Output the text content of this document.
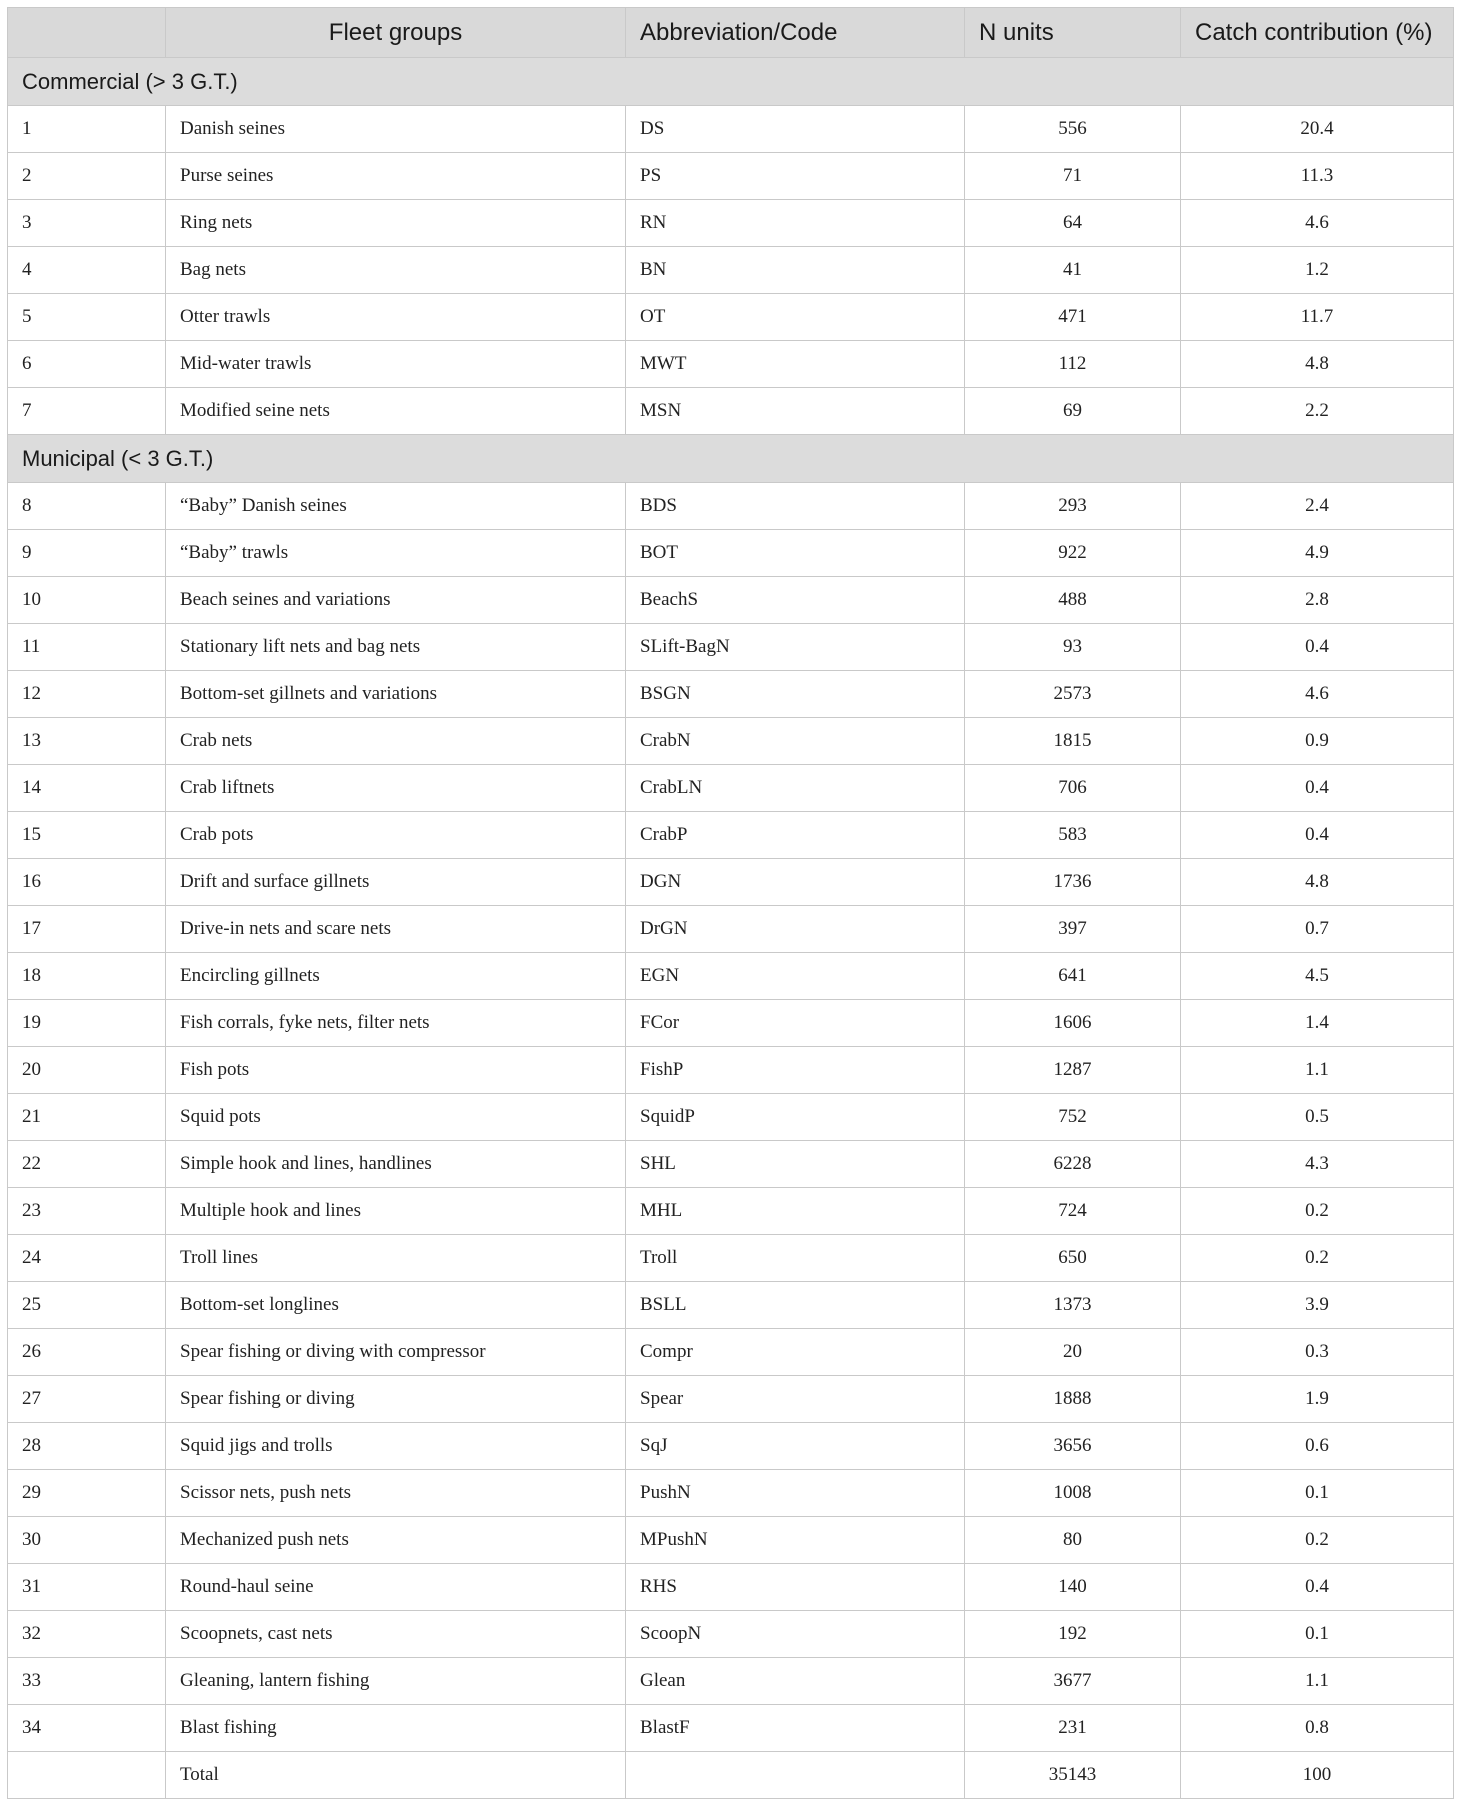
	Fleet groups	Abbreviation/Code	N units	Catch contribution (%)
Commercial (> 3 G.T.)				
1	Danish seines	DS	556	20.4
2	Purse seines	PS	71	11.3
3	Ring nets	RN	64	4.6
4	Bag nets	BN	41	1.2
5	Otter trawls	OT	471	11.7
6	Mid-water trawls	MWT	112	4.8
7	Modified seine nets	MSN	69	2.2
Municipal (< 3 G.T.)				
8	“Baby” Danish seines	BDS	293	2.4
9	“Baby” trawls	BOT	922	4.9
10	Beach seines and variations	BeachS	488	2.8
11	Stationary lift nets and bag nets	SLift-BagN	93	0.4
12	Bottom-set gillnets and variations	BSGN	2573	4.6
13	Crab nets	CrabN	1815	0.9
14	Crab liftnets	CrabLN	706	0.4
15	Crab pots	CrabP	583	0.4
16	Drift and surface gillnets	DGN	1736	4.8
17	Drive-in nets and scare nets	DrGN	397	0.7
18	Encircling gillnets	EGN	641	4.5
19	Fish corrals, fyke nets, filter nets	FCor	1606	1.4
20	Fish pots	FishP	1287	1.1
21	Squid pots	SquidP	752	0.5
22	Simple hook and lines, handlines	SHL	6228	4.3
23	Multiple hook and lines	MHL	724	0.2
24	Troll lines	Troll	650	0.2
25	Bottom-set longlines	BSLL	1373	3.9
26	Spear fishing or diving with compressor	Compr	20	0.3
27	Spear fishing or diving	Spear	1888	1.9
28	Squid jigs and trolls	SqJ	3656	0.6
29	Scissor nets, push nets	PushN	1008	0.1
30	Mechanized push nets	MPushN	80	0.2
31	Round-haul seine	RHS	140	0.4
32	Scoopnets, cast nets	ScoopN	192	0.1
33	Gleaning, lantern fishing	Glean	3677	1.1
34	Blast fishing	BlastF	231	0.8
	Total		35143	100
